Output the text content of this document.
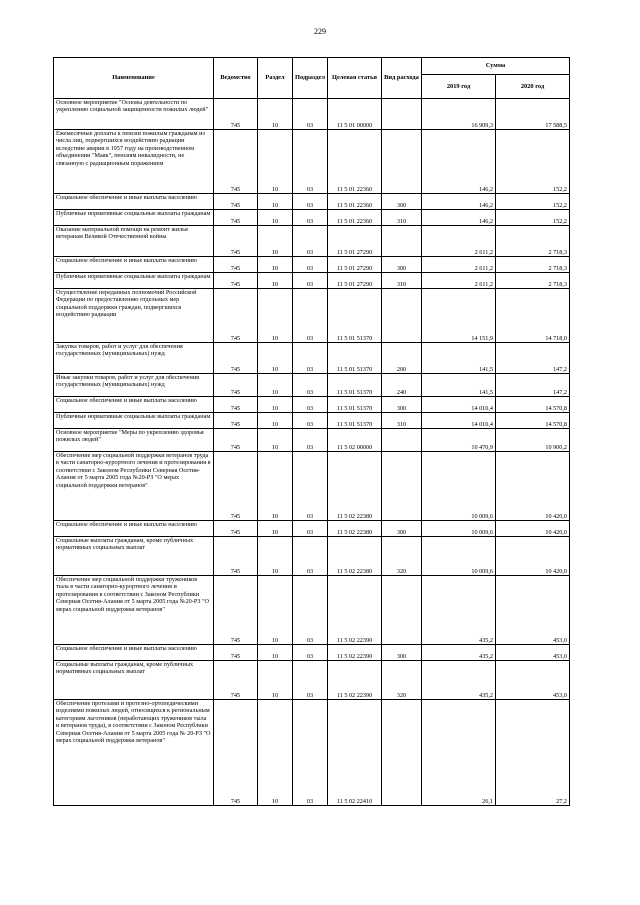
229
Наименование	Ведомство	Раздел	Подраздел	Целевая статья	Вид расхода	Сумма	
						2019 год	2020 год
Основное мероприятие "Основы деятельности по укреплению социальной защищенности пожилых людей"	745	10	03	11 5 01 00000		16 909,3	17 588,5
Ежемесячные доплаты к пенсии пожилым гражданам из числа лиц, подвергшихся воздействию радиации вследствие аварии в 1957 году на производственном объединении "Маяк", пенсиям инвалидности, не связанную с радиационным поражением	745	10	03	11 5 01 22360		146,2	152,2
Социальное обеспечение и иные выплаты населению	745	10	03	11 5 01 22360	300	146,2	152,2
Публичные нормативные социальные выплаты гражданам	745	10	03	11 5 01 22360	310	146,2	152,2
Оказание материальной помощи на ремонт жилья ветеранам Великой Отечественной войны	745	10	03	11 5 01 27290		2 611,2	2 718,3
Социальное обеспечение и иные выплаты населению	745	10	03	11 5 01 27290	300	2 611,2	2 718,3
Публичные нормативные социальные выплаты гражданам	745	10	03	11 5 01 27290	310	2 611,2	2 718,3
Осуществление переданных полномочий Российской Федерации по предоставлению отдельных мер социальной поддержки граждан, подвергшихся воздействию радиации	745	10	03	11 5 01 51370		14 151,9	14 718,0
Закупка товаров, работ и услуг для обеспечения государственных (муниципальных) нужд	745	10	03	11 5 01 51370	200	141,5	147,2
Иные закупки товаров, работ и услуг для обеспечения государственных (муниципальных) нужд	745	10	03	11 5 01 51370	240	141,5	147,2
Социальное обеспечение и иные выплаты населению	745	10	03	11 5 01 51370	300	14 010,4	14 570,8
Публичные нормативные социальные выплаты гражданам	745	10	03	11 5 01 51370	310	14 010,4	14 570,8
Основное мероприятие "Меры по укреплению здоровья пожилых людей"	745	10	03	11 5 02 00000		10 470,9	10 900,2
Обеспечение мер социальной поддержки ветеранов труда в части санаторно-курортного лечения и протезирования в соответствии с Законом Республики Северная Осетия-Алания от 5 марта 2005 года №20-РЗ "О мерах социальной поддержки ветеранов"	745	10	03	11 5 02 22380		10 009,6	10 420,0
Социальное обеспечение и иные выплаты населению	745	10	03	11 5 02 22380	300	10 009,6	10 420,0
Социальные выплаты гражданам, кроме публичных нормативных социальных выплат	745	10	03	11 5 02 22380	320	10 009,6	10 420,0
Обеспечение мер социальной поддержки тружеников тыла в части санаторно-курортного лечения и протезирования в соответствии с Законом Республики Северная Осетия-Алания от 5 марта 2005 года №20-РЗ "О мерах социальной поддержки ветеранов"	745	10	03	11 5 02 22390		435,2	453,0
Социальное обеспечение и иные выплаты населению	745	10	03	11 5 02 22390	300	435,2	453,0
Социальные выплаты гражданам, кроме публичных нормативных социальных выплат	745	10	03	11 5 02 22390	320	435,2	453,0
Обеспечение протезами и протезно-ортопедическими изделиями пожилых людей, относящихся к региональным категориям льготников (неработающих тружеников тыла и ветеранов труда), в соответствии с Законом Республики Северная Осетия-Алания от 5 марта 2005 года № 20-РЗ "О мерах социальной поддержки ветеранов"	745	10	03	11 5 02 22410		26,1	27,2
